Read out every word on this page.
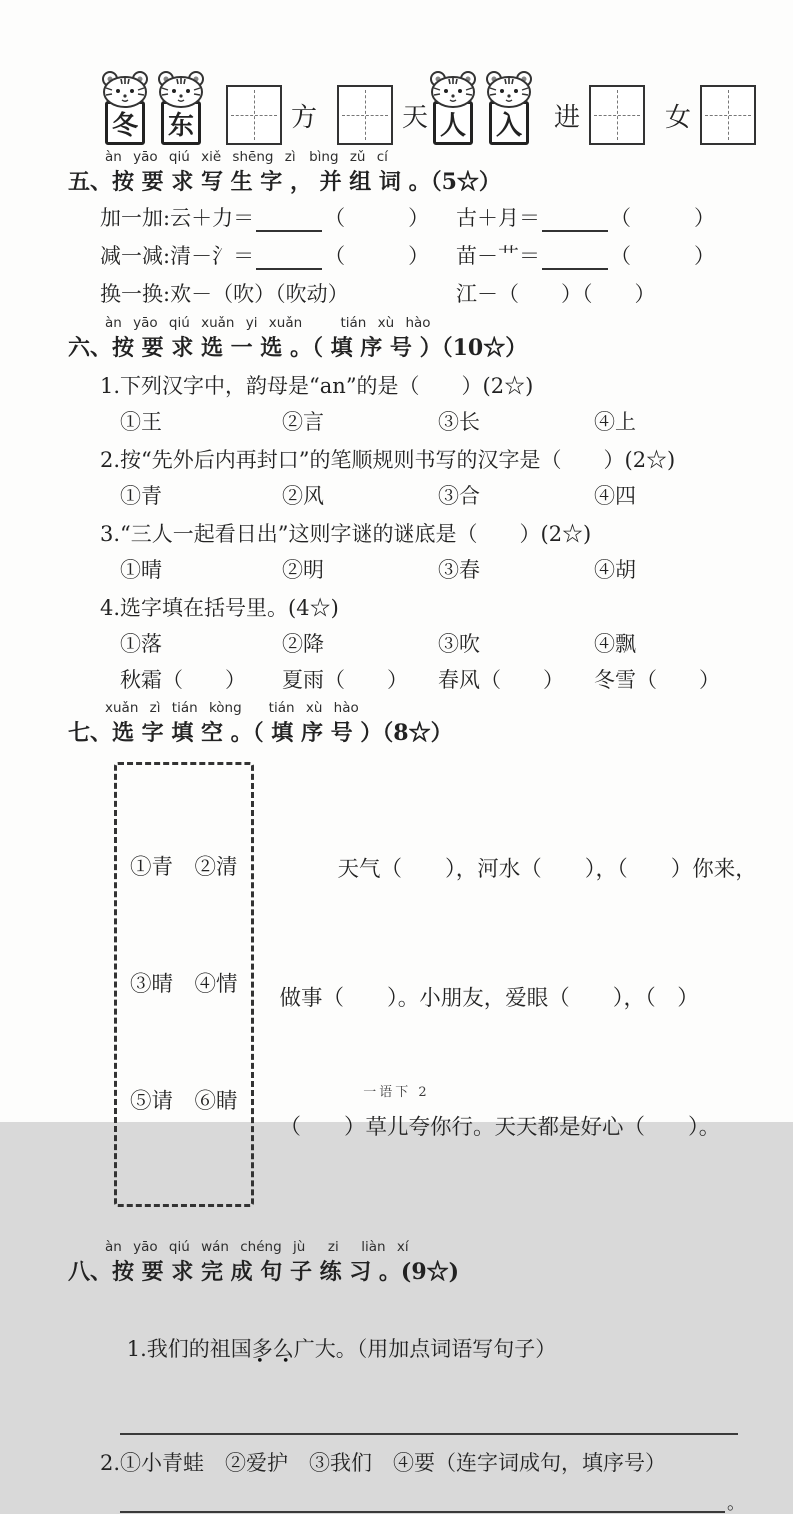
冬 东	方	天 人 入 进	女
àn yāo qiú xiě shēng zì　bìng zǔ cí
五、按 要 求 写 生 字 ， 并 组 词 。（5☆）
加一加:云＋力＝	（　　　） 古＋月＝	（　　　）
减一减:清－氵＝	（　　　） 苗－艹＝	（　　　）
换一换:欢－（吹）（吹动）	江－（　　）（　　）
àn yāo qiú xuǎn yi xuǎn　　 tián xù hào
六、按 要 求 选 一 选 。（ 填 序 号 ）（10☆）
1.下列汉字中，韵母是“an”的是（　　）(2☆)
①王	②言	③长	④上
2.按“先外后内再封口”的笔顺规则书写的汉字是（　　）(2☆)
①青	②风	③合	④四
3.“三人一起看日出”这则字谜的谜底是（　　）(2☆)
①晴	②明	③春	④胡
4.选字填在括号里。(4☆)
①落	②降	③吹	④飘
秋霜（　　）	夏雨（　　）	春风（　　）	冬雪（　　）
xuǎn zì tián kòng　　tián xù hào
七、选 字 填 空 。（ 填 序 号 ）（8☆）

①青　②清

③晴　④情

⑤请　⑥睛

天气（　　），河水（　　），（　　）你来，

做事（　　）。小朋友，爱眼（　　），（　）

（　　）草儿夸你行。天天都是好心（　　）。

àn yāo qiú wán chéng jù  zi  liàn xí
八、按 要 求 完 成 句 子 练 习 。(9☆)

1.我们的祖国多么 • •广大。（用加点词语写句子）

2.①小青蛙　②爱护　③我们　④要（连字词成句，填序号）
。
一语下 2
